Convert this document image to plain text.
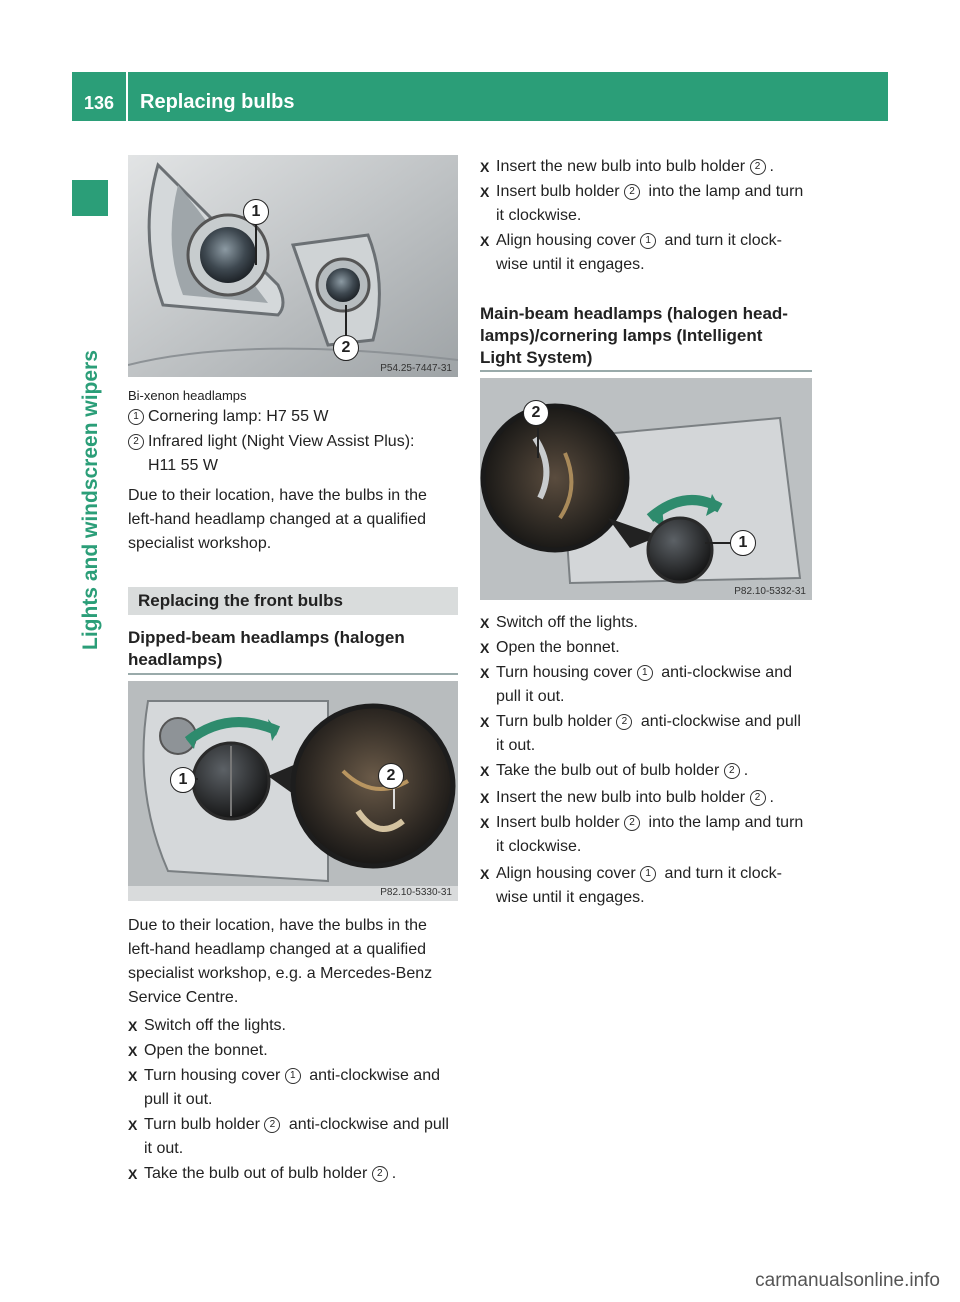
136	Replacing bulbs
Lights and windscreen wipers
1
2
P54.25-7447-31
Bi-xenon headlamps
1 Cornering lamp: H7 55 W
2 Infrared light (Night View Assist Plus):
H11 55 W
Due to their location, have the bulbs in the
left-hand headlamp changed at a qualified
specialist workshop.
Replacing the front bulbs
Dipped-beam headlamps (halogen
headlamps)
1	2
P82.10-5330-31
Due to their location, have the bulbs in the
left-hand headlamp changed at a qualified
specialist workshop, e.g. a Mercedes-Benz
Service Centre.
X Switch off the lights.
X Open the bonnet.
X Turn housing cover 1 anti-clockwise and
pull it out.
X Turn bulb holder 2 anti-clockwise and pull
it out.
X Take the bulb out of bulb holder 2 .
X Insert the new bulb into bulb holder 2 .
X Insert bulb holder 2 into the lamp and turn
it clockwise.
X Align housing cover 1 and turn it clock-
wise until it engages.
Main-beam headlamps (halogen head-
lamps)/cornering lamps (Intelligent
Light System)
2
1
P82.10-5332-31
X Switch off the lights.
X Open the bonnet.
X Turn housing cover 1 anti-clockwise and
pull it out.
X Turn bulb holder 2 anti-clockwise and pull
it out.
X Take the bulb out of bulb holder 2 .
X Insert the new bulb into bulb holder 2 .
X Insert bulb holder 2 into the lamp and turn
it clockwise.
X Align housing cover 1 and turn it clock-
wise until it engages.
carmanualsonline.info
